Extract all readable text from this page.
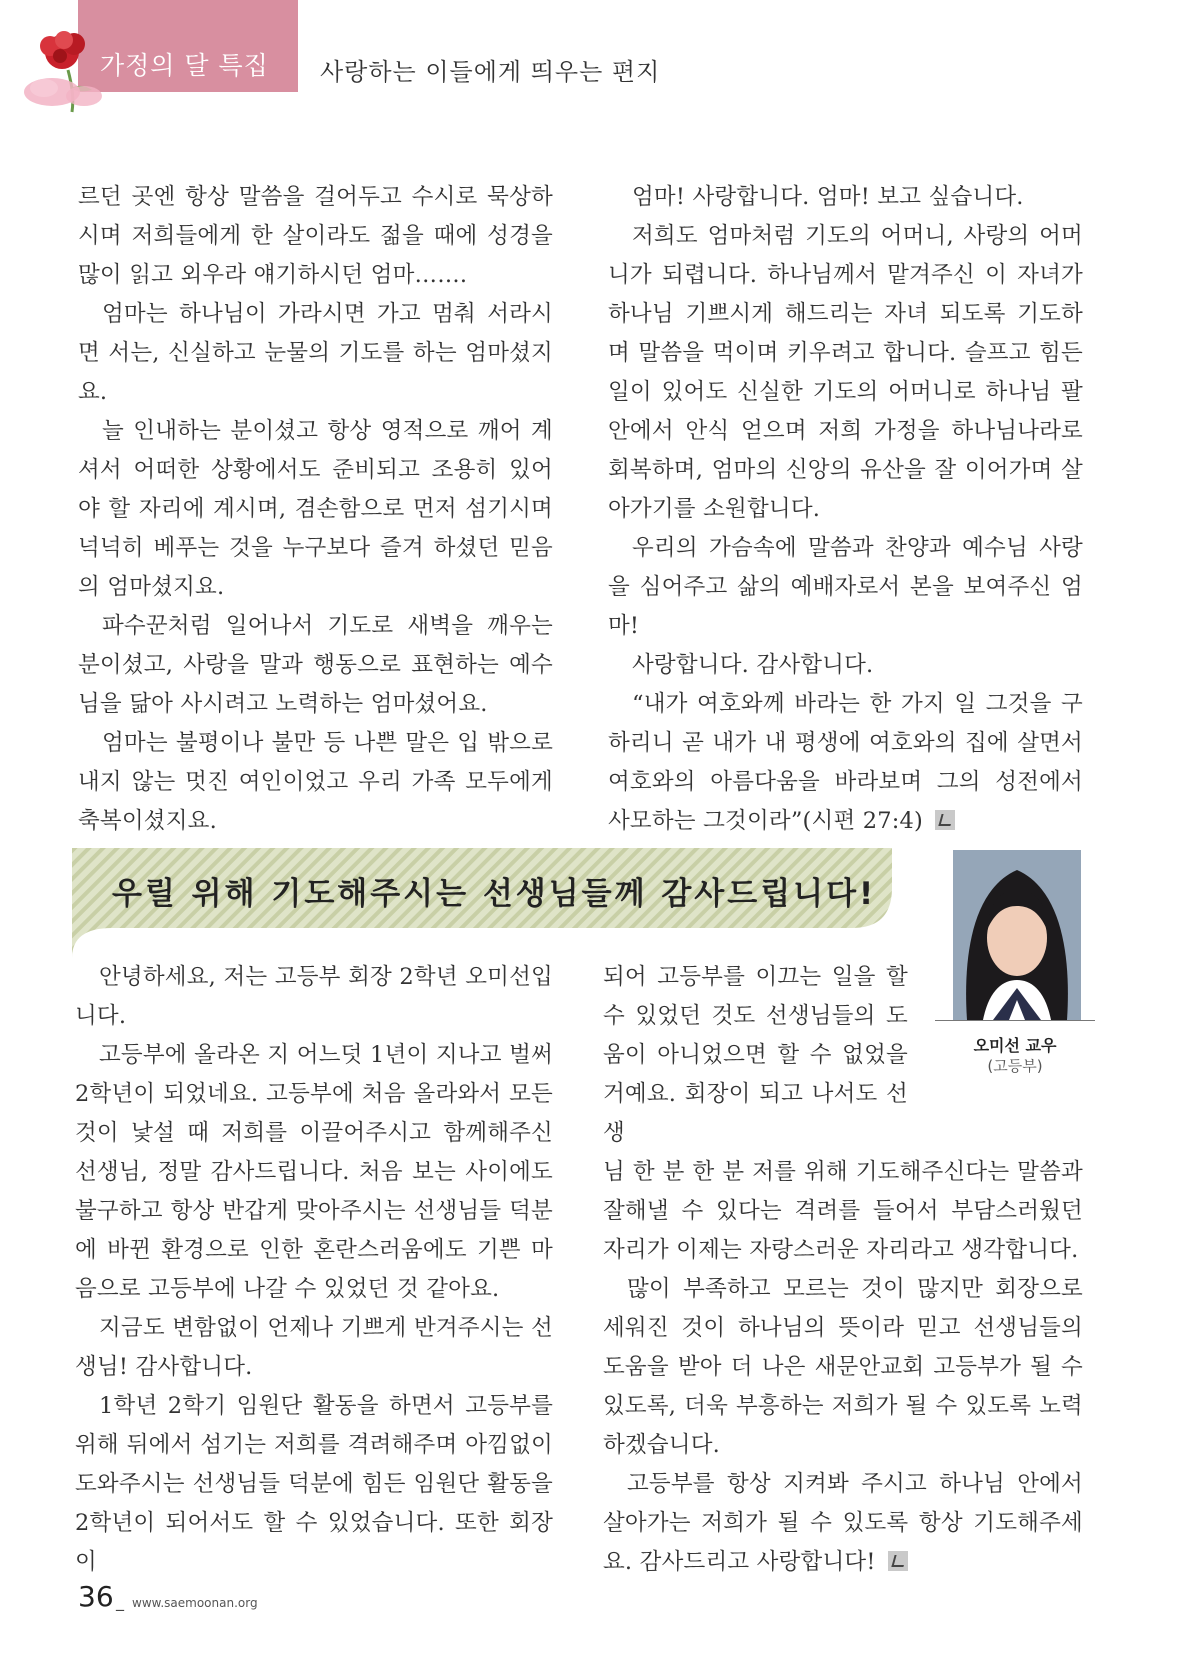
가정의 달 특집 사랑하는 이들에게 띄우는 편지

르던 곳엔 항상 말씀을 걸어두고 수시로 묵상하시며 저희들에게 한 살이라도 젊을 때에 성경을 많이 읽고 외우라 얘기하시던 엄마…….

엄마는 하나님이 가라시면 가고 멈춰 서라시면 서는, 신실하고 눈물의 기도를 하는 엄마셨지요.

늘 인내하는 분이셨고 항상 영적으로 깨어 계셔서 어떠한 상황에서도 준비되고 조용히 있어야 할 자리에 계시며, 겸손함으로 먼저 섬기시며 넉넉히 베푸는 것을 누구보다 즐겨 하셨던 믿음의 엄마셨지요.

파수꾼처럼 일어나서 기도로 새벽을 깨우는 분이셨고, 사랑을 말과 행동으로 표현하는 예수님을 닮아 사시려고 노력하는 엄마셨어요.

엄마는 불평이나 불만 등 나쁜 말은 입 밖으로 내지 않는 멋진 여인이었고 우리 가족 모두에게 축복이셨지요.

엄마! 사랑합니다. 엄마! 보고 싶습니다.

저희도 엄마처럼 기도의 어머니, 사랑의 어머니가 되렵니다. 하나님께서 맡겨주신 이 자녀가 하나님 기쁘시게 해드리는 자녀 되도록 기도하며 말씀을 먹이며 키우려고 합니다. 슬프고 힘든 일이 있어도 신실한 기도의 어머니로 하나님 팔 안에서 안식 얻으며 저희 가정을 하나님나라로 회복하며, 엄마의 신앙의 유산을 잘 이어가며 살아가기를 소원합니다.

우리의 가슴속에 말씀과 찬양과 예수님 사랑을 심어주고 삶의 예배자로서 본을 보여주신 엄마!

사랑합니다. 감사합니다.

“내가 여호와께 바라는 한 가지 일 그것을 구하리니 곧 내가 내 평생에 여호와의 집에 살면서 여호와의 아름다움을 바라보며 그의 성전에서 사모하는 그것이라”(시편 27:4)

우릴 위해 기도해주시는 선생님들께 감사드립니다!
오미선 교우
(고등부)

안녕하세요, 저는 고등부 회장 2학년 오미선입니다.

고등부에 올라온 지 어느덧 1년이 지나고 벌써 2학년이 되었네요. 고등부에 처음 올라와서 모든 것이 낯설 때 저희를 이끌어주시고 함께해주신 선생님, 정말 감사드립니다. 처음 보는 사이에도 불구하고 항상 반갑게 맞아주시는 선생님들 덕분에 바뀐 환경으로 인한 혼란스러움에도 기쁜 마음으로 고등부에 나갈 수 있었던 것 같아요.

지금도 변함없이 언제나 기쁘게 반겨주시는 선생님! 감사합니다.

1학년 2학기 임원단 활동을 하면서 고등부를 위해 뒤에서 섬기는 저희를 격려해주며 아낌없이 도와주시는 선생님들 덕분에 힘든 임원단 활동을 2학년이 되어서도 할 수 있었습니다. 또한 회장이

되어 고등부를 이끄는 일을 할 수 있었던 것도 선생님들의 도움이 아니었으면 할 수 없었을 거예요. 회장이 되고 나서도 선생

님 한 분 한 분 저를 위해 기도해주신다는 말씀과 잘해낼 수 있다는 격려를 들어서 부담스러웠던 자리가 이제는 자랑스러운 자리라고 생각합니다.

많이 부족하고 모르는 것이 많지만 회장으로 세워진 것이 하나님의 뜻이라 믿고 선생님들의 도움을 받아 더 나은 새문안교회 고등부가 될 수 있도록, 더욱 부흥하는 저희가 될 수 있도록 노력하겠습니다.

고등부를 항상 지켜봐 주시고 하나님 안에서 살아가는 저희가 될 수 있도록 항상 기도해주세요. 감사드리고 사랑합니다!

36 _ www.saemoonan.org
